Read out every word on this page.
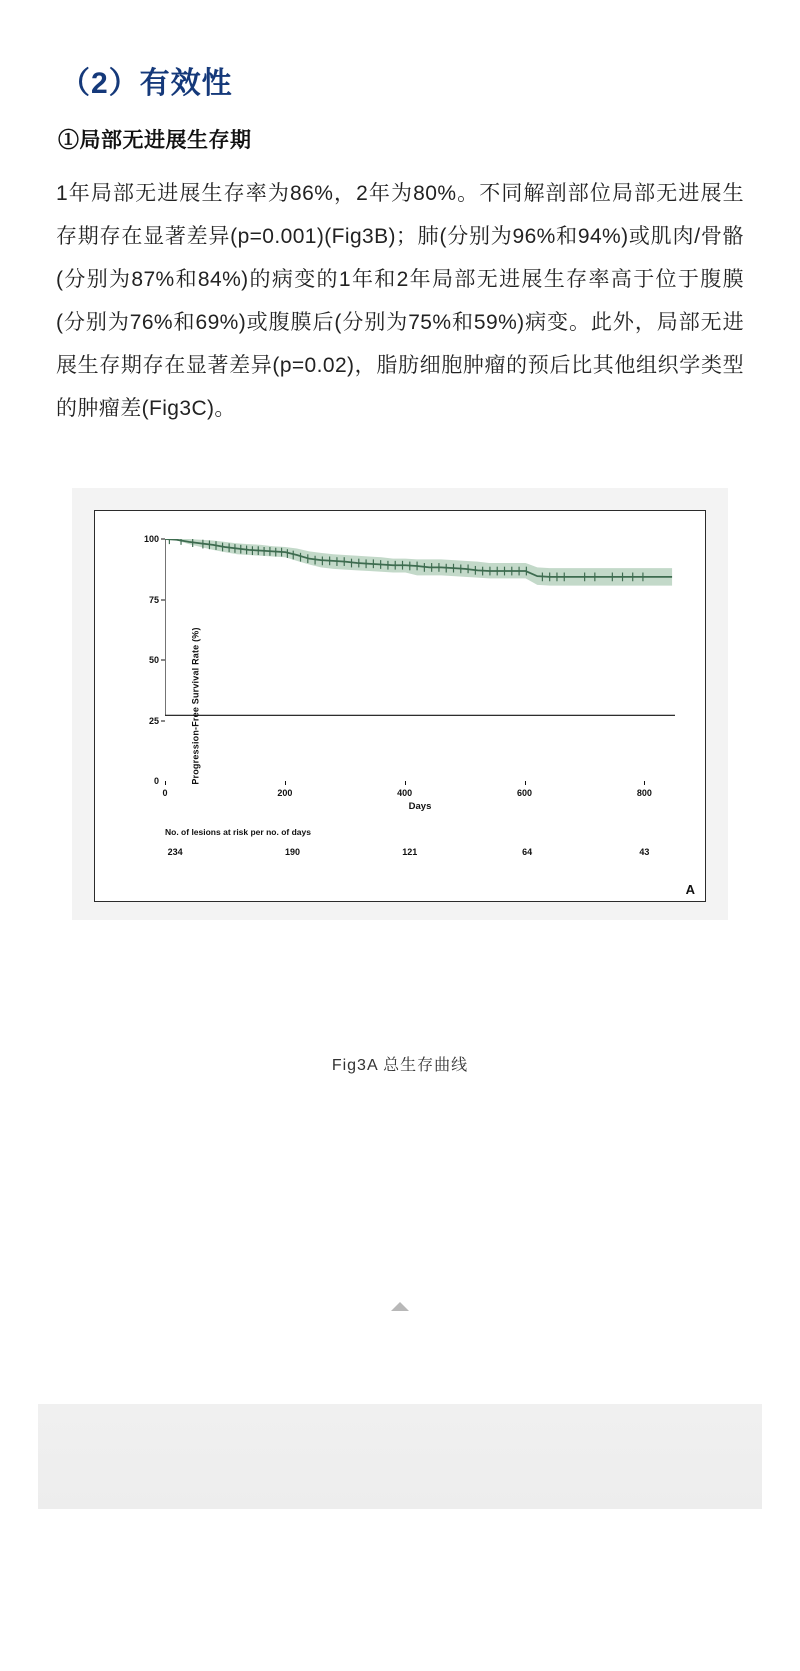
（2）有效性
①局部无进展生存期

1年局部无进展生存率为86%，2年为80%。不同解剖部位局部无进展生存期存在显著差异(p=0.001)(Fig3B)；肺(分别为96%和94%)或肌肉/骨骼(分别为87%和84%)的病变的1年和2年局部无进展生存率高于位于腹膜(分别为76%和69%)或腹膜后(分别为75%和59%)病变。此外，局部无进展生存期存在显著差异(p=0.02)，脂肪细胞肿瘤的预后比其他组织学类型的肿瘤差(Fig3C)。

Progression-Free Survival Rate (%)
100
75
50
25
0
0	200	400	600	800
Days
No. of lesions at risk per no. of days
234	190	121	64	43
A
Fig3A 总生存曲线
